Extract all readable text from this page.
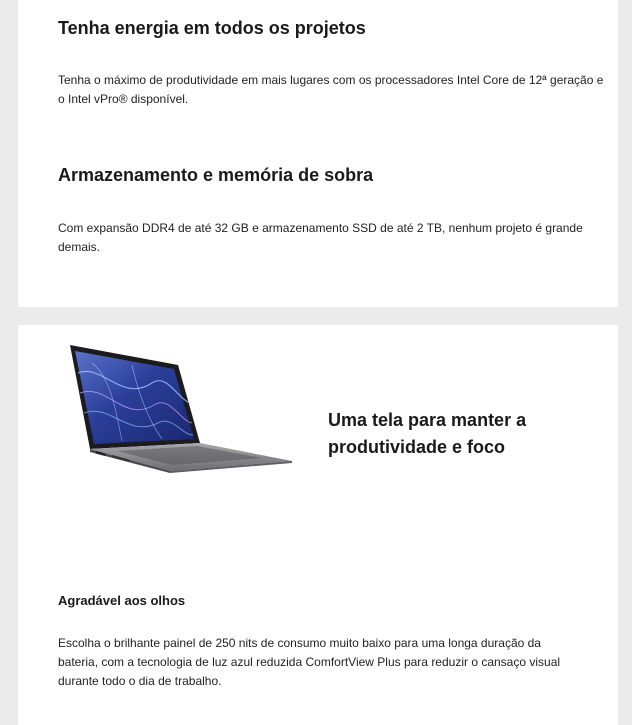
Tenha energia em todos os projetos

Tenha o máximo de produtividade em mais lugares com os processadores Intel Core de 12ª geração e o Intel vPro® disponível.

Armazenamento e memória de sobra

Com expansão DDR4 de até 32 GB e armazenamento SSD de até 2 TB, nenhum projeto é grande demais.

Uma tela para manter a produtividade e foco
Agradável aos olhos

Escolha o brilhante painel de 250 nits de consumo muito baixo para uma longa duração da bateria, com a tecnologia de luz azul reduzida ComfortView Plus para reduzir o cansaço visual durante todo o dia de trabalho.
